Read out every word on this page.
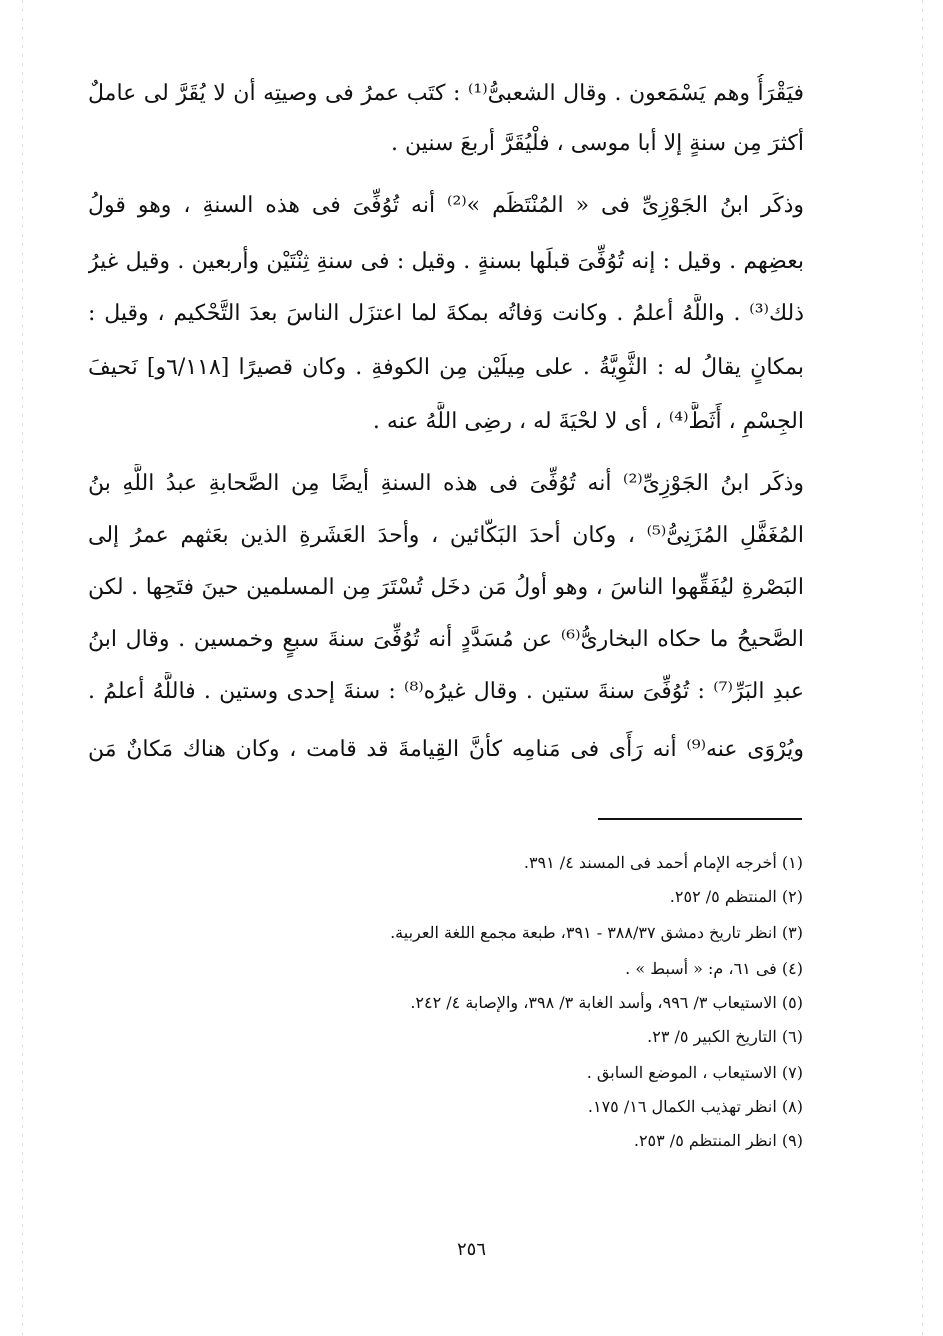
فيَقْرَأُ وهم يَسْمَعون . وقال الشعبىُّ⁽¹⁾ : كتَب عمرُ فى وصيتِه أن لا يُقَرَّ لى عاملٌ
أكثرَ مِن سنةٍ إلا أبا موسى ، فلْيُقَرَّ أربعَ سنين .
وذكَر ابنُ الجَوْزِىِّ فى « المُنْتَظَم »⁽²⁾ أنه تُوُفِّىَ فى هذه السنةِ ، وهو قولُ
بعضِهم . وقيل : إنه تُوُفِّىَ قبلَها بسنةٍ . وقيل : فى سنةِ ثِنْتَيْن وأربعين . وقيل غيرُ
ذلك⁽³⁾ . واللَّهُ أعلمُ . وكانت وَفاتُه بمكةَ لما اعتزَل الناسَ بعدَ التَّحْكيم ، وقيل :
بمكانٍ يقالُ له : الثَّوِيَّةُ . على مِيلَيْن مِن الكوفةِ . وكان قصيرًا [٦/١١٨و] نَحيفَ
الجِسْمِ ، أَثَطَّ⁽⁴⁾ ، أى لا لحْيَةَ له ، رضِى اللَّهُ عنه .
وذكَر ابنُ الجَوْزِىِّ⁽²⁾ أنه تُوُفِّىَ فى هذه السنةِ أيضًا مِن الصَّحابةِ عبدُ اللَّهِ بنُ
المُغَفَّلِ المُزَنِىُّ⁽⁵⁾ ، وكان أحدَ البَكّائين ، وأحدَ العَشَرةِ الذين بعَثهم عمرُ إلى
البَصْرةِ ليُفَقِّهوا الناسَ ، وهو أولُ مَن دخَل تُسْتَرَ مِن المسلمين حينَ فتَحِها . لكن
الصَّحيحُ ما حكاه البخارىُّ⁽⁶⁾ عن مُسَدَّدٍ أنه تُوُفِّىَ سنةَ سبعٍ وخمسين . وقال ابنُ
عبدِ البَرِّ⁽⁷⁾ : تُوُفِّىَ سنةَ ستين . وقال غيرُه⁽⁸⁾ : سنةَ إحدى وستين . فاللَّهُ أعلمُ .
ويُرْوَى عنه⁽⁹⁾ أنه رَأَى فى مَنامِه كأنَّ القِيامةَ قد قامت ، وكان هناك مَكانٌ مَن
(١) أخرجه الإمام أحمد فى المسند ٤/ ٣٩١.
(٢) المنتظم ٥/ ٢٥٢.
(٣) انظر تاريخ دمشق ٣٨٨/٣٧ - ٣٩١، طبعة مجمع اللغة العربية.
(٤) فى ٦١، م: « أسبط » .
(٥) الاستيعاب ٣/ ٩٩٦، وأسد الغابة ٣/ ٣٩٨، والإصابة ٤/ ٢٤٢.
(٦) التاريخ الكبير ٥/ ٢٣.
(٧) الاستيعاب ، الموضع السابق .
(٨) انظر تهذيب الكمال ١٦/ ١٧٥.
(٩) انظر المنتظم ٥/ ٢٥٣.
٢٥٦
